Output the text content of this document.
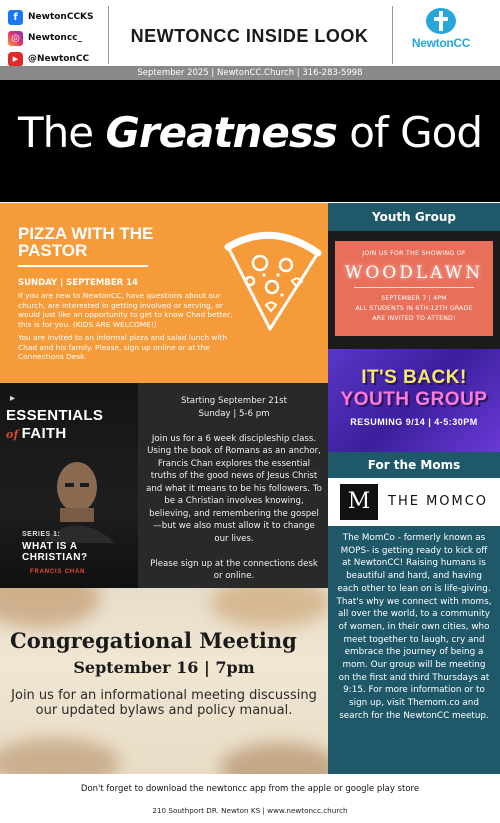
f	NewtonCCKS
◎ Newtoncc_
▶	@NewtonCC
NEWTONCC INSIDE LOOK	NewtonCC
September 2025 | NewtonCC.Church | 316-283-5998
The Greatness of God
PIZZA WITH THE PASTOR
SUNDAY | SEPTEMBER 14
If you are new to NewtonCC, have questions about our church, are interested in getting involved or serving, or would just like an opportunity to get to know Chad better, this is for you. (KIDS ARE WELCOME!)
You are invited to an informal pizza and salad lunch with Chad and his family. Please, sign up online or at the Connections Desk.
▸
ESSENTIALS
of FAITH
SERIES 1:
WHAT IS A CHRISTIAN?
FRANCIS CHAN
Starting September 21st

Sunday | 5-6 pm

Join us for a 6 week discipleship class. Using the book of Romans as an anchor, Francis Chan explores the essential truths of the good news of Jesus Christ and what it means to be his followers. To be a Christian involves knowing, believing, and remembering the gospel—but we also must allow it to change our lives.

Please sign up at the connections desk or online.

Congregational Meeting
September 16 | 7pm
Join us for an informational meeting discussing our updated bylaws and policy manual.
Youth Group
JOIN US FOR THE SHOWING OF
WOODLAWN
SEPTEMBER 7 | 4PM
ALL STUDENTS IN 6TH-12TH GRADE
ARE INVITED TO ATTEND!
IT'S BACK!
YOUTH GROUP
RESUMING 9/14 | 4-5:30PM
For the Moms
M	THE MOMCO
The MomCo - formerly known as MOPS- is getting ready to kick off at NewtonCC! Raising humans is beautiful and hard, and having each other to lean on is life-giving. That's why we connect with moms, all over the world, to a community of women, in their own cities, who meet together to laugh, cry and embrace the journey of being a mom. Our group will be meeting on the first and third Thursdays at 9:15. For more information or to sign up, visit Themom.co and search for the NewtonCC meetup.
Don't forget to download the newtoncc app from the apple or google play store
210 Southport DR. Newton KS | www.newtoncc.church
